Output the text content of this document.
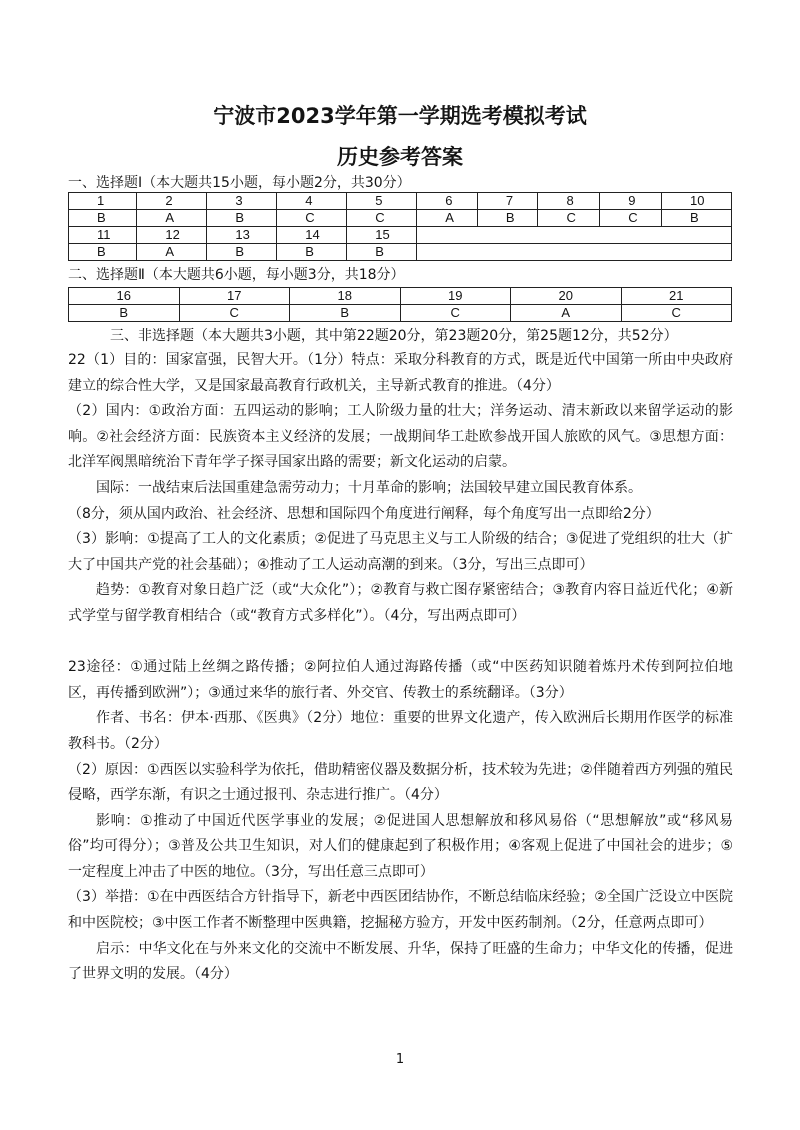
宁波市2023学年第一学期选考模拟考试
历史参考答案
一、选择题Ⅰ（本大题共15小题，每小题2分，共30分）
1	2	3	4	5	6	7	8	9	10
B	A	B	C	C	A	B	C	C	B
11	12	13	14	15					
B	A	B	B	B					
二、选择题Ⅱ（本大题共6小题，每小题3分，共18分）
16	17	18	19	20	21
B	C	B	C	A	C
三、非选择题（本大题共3小题，其中第22题20分，第23题20分，第25题12分，共52分）

22（1）目的：国家富强，民智大开。（1分）特点：采取分科教育的方式，既是近代中国第一所由中央政府建立的综合性大学，又是国家最高教育行政机关，主导新式教育的推进。（4分）

（2）国内：①政治方面：五四运动的影响；工人阶级力量的壮大；洋务运动、清末新政以来留学运动的影响。②社会经济方面：民族资本主义经济的发展；一战期间华工赴欧参战开国人旅欧的风气。③思想方面：北洋军阀黑暗统治下青年学子探寻国家出路的需要；新文化运动的启蒙。

国际：一战结束后法国重建急需劳动力；十月革命的影响；法国较早建立国民教育体系。

（8分，须从国内政治、社会经济、思想和国际四个角度进行阐释，每个角度写出一点即给2分）

（3）影响：①提高了工人的文化素质；②促进了马克思主义与工人阶级的结合；③促进了党组织的壮大（扩大了中国共产党的社会基础）；④推动了工人运动高潮的到来。（3分，写出三点即可）

趋势：①教育对象日趋广泛（或“大众化”）；②教育与救亡图存紧密结合；③教育内容日益近代化；④新式学堂与留学教育相结合（或“教育方式多样化”）。（4分，写出两点即可）

23途径：①通过陆上丝绸之路传播；②阿拉伯人通过海路传播（或“中医药知识随着炼丹术传到阿拉伯地区，再传播到欧洲”）；③通过来华的旅行者、外交官、传教士的系统翻译。（3分）

作者、书名：伊本·西那、《医典》（2分）地位：重要的世界文化遗产，传入欧洲后长期用作医学的标准教科书。（2分）

（2）原因：①西医以实验科学为依托，借助精密仪器及数据分析，技术较为先进；②伴随着西方列强的殖民侵略，西学东渐，有识之士通过报刊、杂志进行推广。（4分）

影响：①推动了中国近代医学事业的发展；②促进国人思想解放和移风易俗（“思想解放”或“移风易俗”均可得分）；③普及公共卫生知识，对人们的健康起到了积极作用；④客观上促进了中国社会的进步；⑤一定程度上冲击了中医的地位。（3分，写出任意三点即可）

（3）举措：①在中西医结合方针指导下，新老中西医团结协作，不断总结临床经验；②全国广泛设立中医院和中医院校；③中医工作者不断整理中医典籍，挖掘秘方验方，开发中医药制剂。（2分，任意两点即可）

启示：中华文化在与外来文化的交流中不断发展、升华，保持了旺盛的生命力；中华文化的传播，促进了世界文明的发展。（4分）

1
